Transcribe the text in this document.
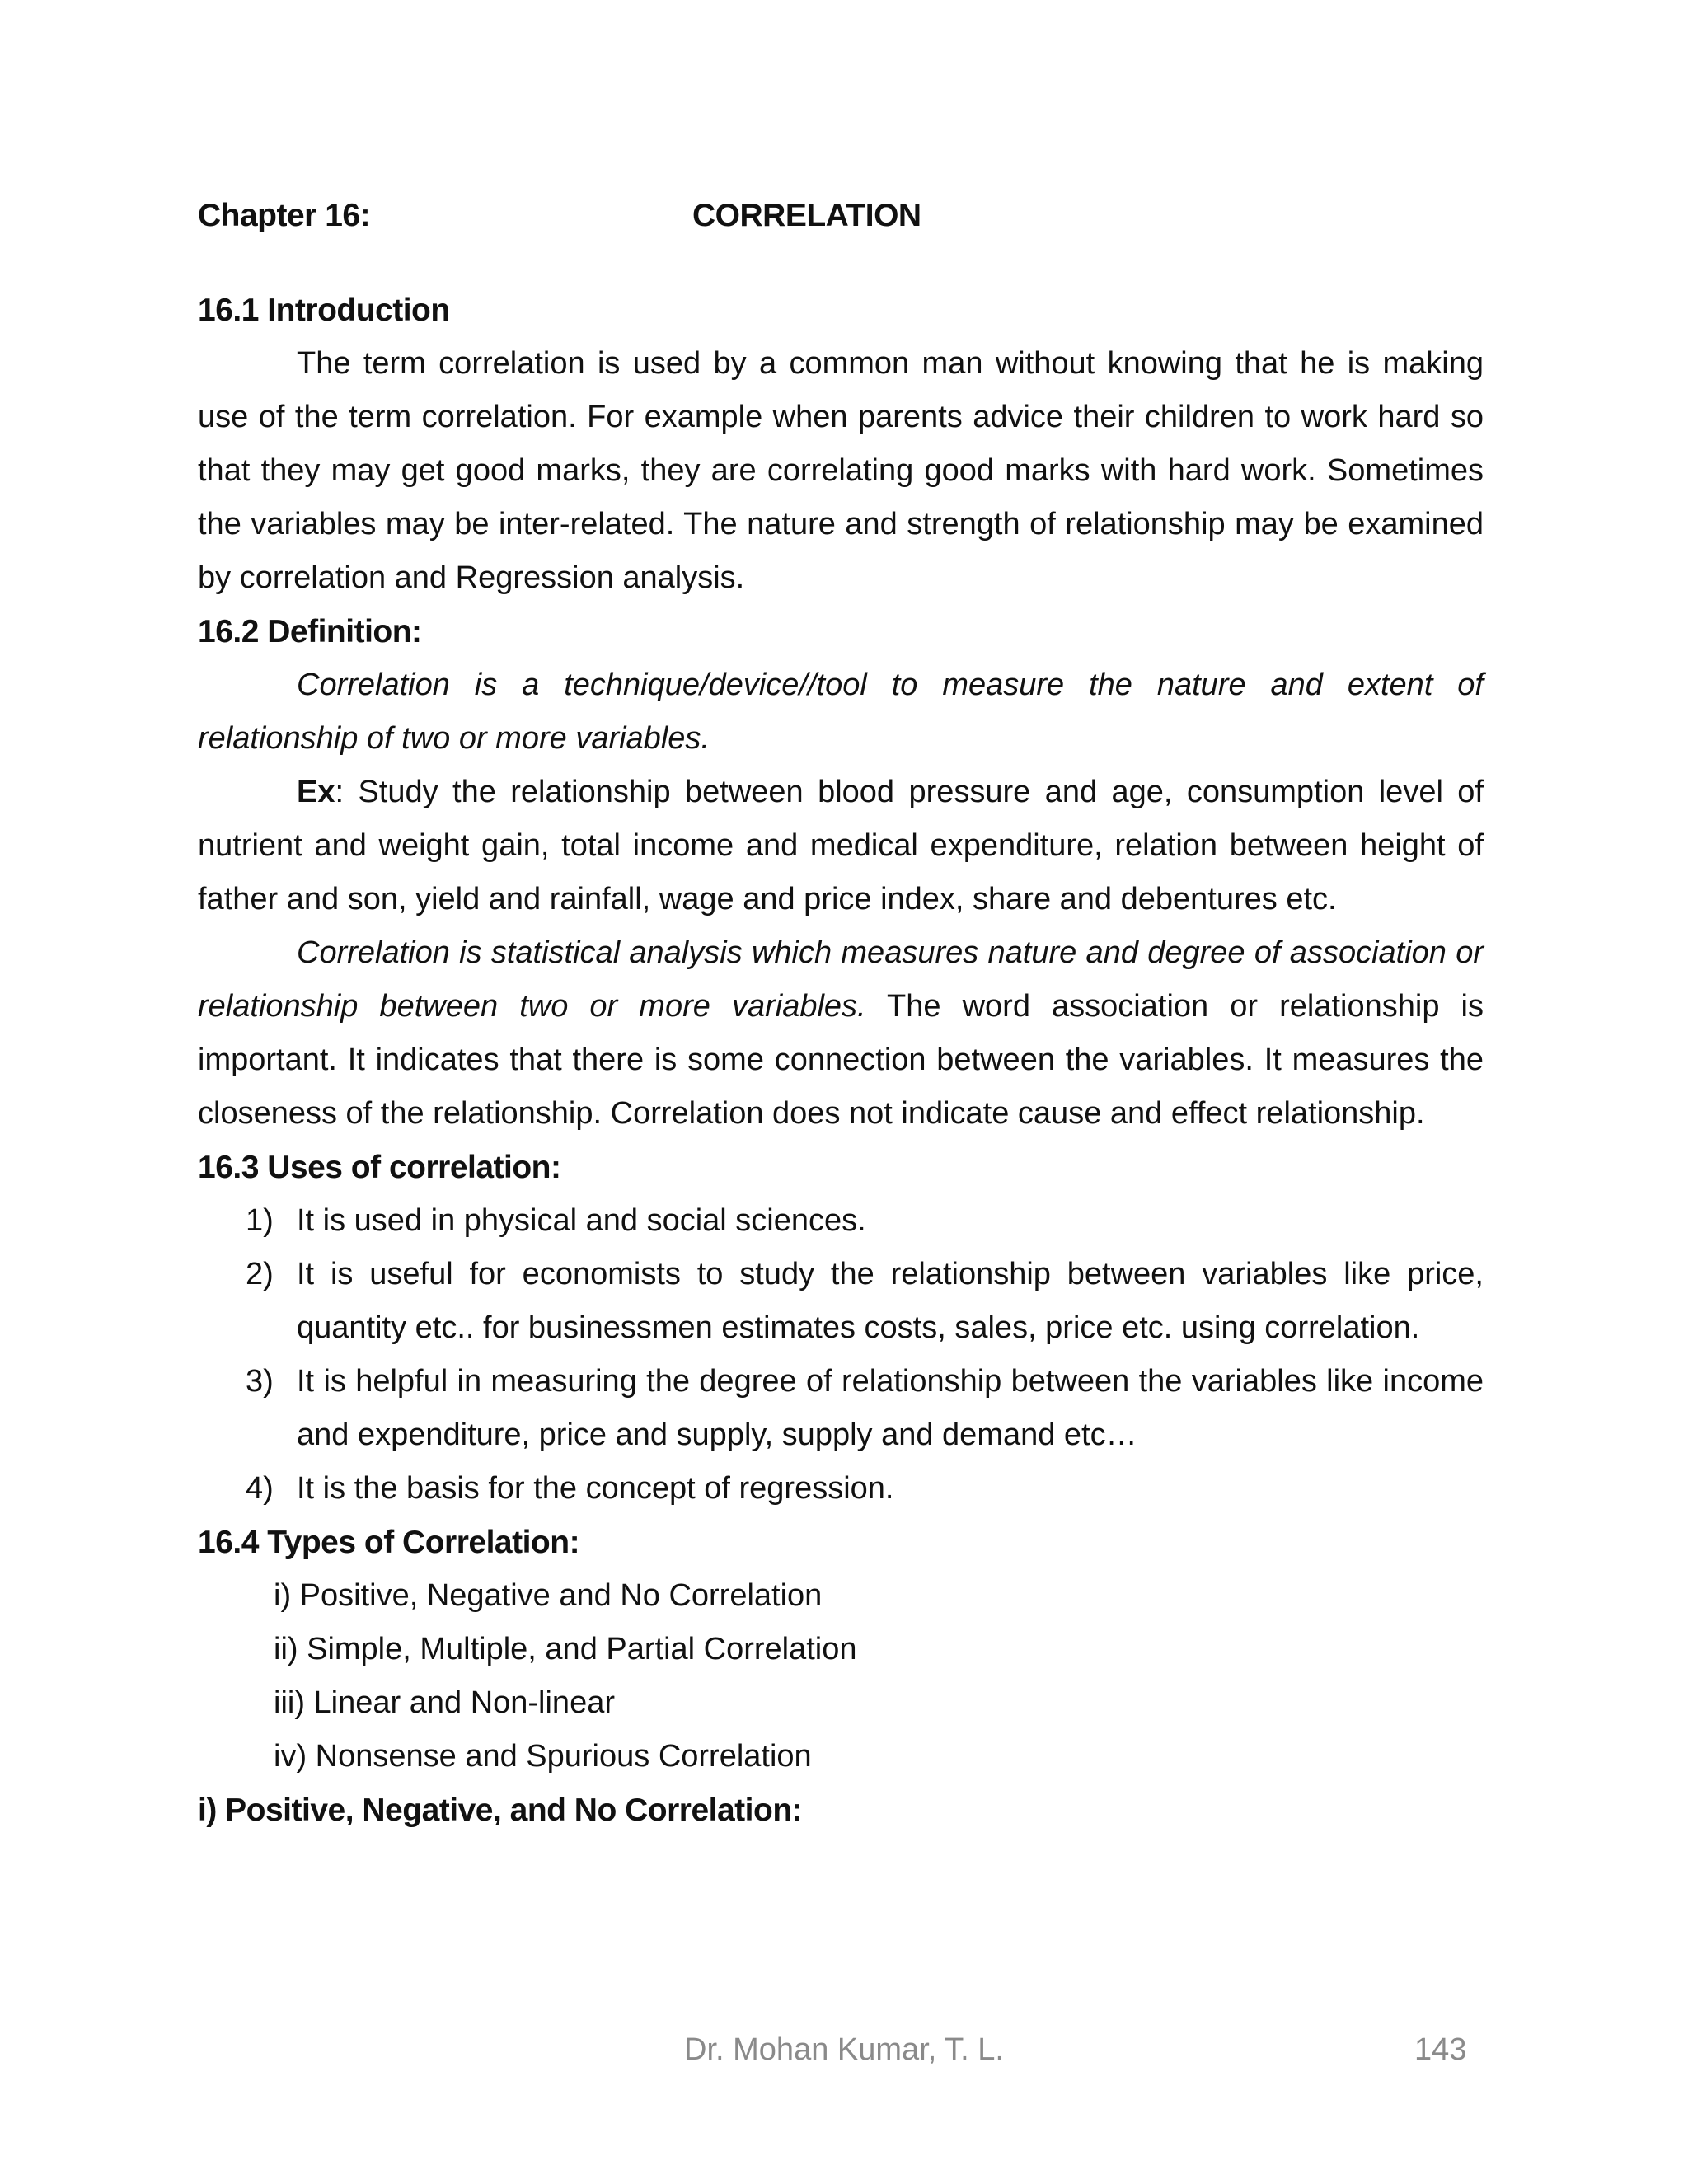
Chapter 16:	CORRELATION
16.1 Introduction

The term correlation is used by a common man without knowing that he is making use of the term correlation. For example when parents advice their children to work hard so that they may get good marks, they are correlating good marks with hard work. Sometimes the variables may be inter-related. The nature and strength of relationship may be examined by correlation and Regression analysis.

16.2 Definition:

Correlation is a technique/device//tool to measure the nature and extent of relationship of two or more variables.

Ex: Study the relationship between blood pressure and age, consumption level of nutrient and weight gain, total income and medical expenditure, relation between height of father and son, yield and rainfall, wage and price index, share and debentures etc.

Correlation is statistical analysis which measures nature and degree of association or relationship between two or more variables. The word association or relationship is important. It indicates that there is some connection between the variables. It measures the closeness of the relationship. Correlation does not indicate cause and effect relationship.

16.3 Uses of correlation:
1) It is used in physical and social sciences.
2) It is useful for economists to study the relationship between variables like price, quantity etc.. for businessmen estimates costs, sales, price etc. using correlation.
3) It is helpful in measuring the degree of relationship between the variables like income and expenditure, price and supply, supply and demand etc…
4) It is the basis for the concept of regression.
16.4 Types of Correlation:
i) Positive, Negative and No Correlation
ii) Simple, Multiple, and Partial Correlation
iii) Linear and Non-linear
iv) Nonsense and Spurious Correlation
i) Positive, Negative, and No Correlation:
Dr. Mohan Kumar, T. L.	143
